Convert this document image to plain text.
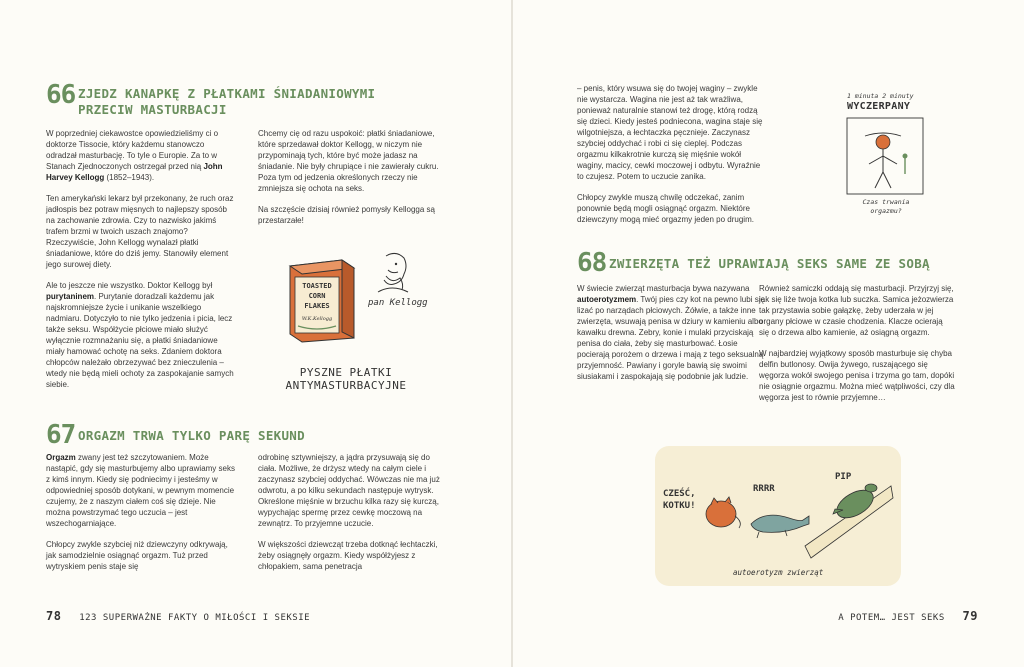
66 ZJEDZ KANAPKĘ Z PŁATKAMI ŚNIADANIOWYMI PRZECIW MASTURBACJI

W poprzedniej ciekawostce opowiedzieliśmy ci o doktorze Tissocie, który każdemu stanowczo odradzał masturbację. To tyle o Europie. Za to w Stanach Zjednoczonych ostrzegał przed nią John Harvey Kellogg (1852–1943).

Ten amerykański lekarz był przekonany, że ruch oraz jadłospis bez potraw mięsnych to najlepszy sposób na zachowanie zdrowia. Czy to nazwisko jakimś trafem brzmi w twoich uszach znajomo? Rzeczywiście, John Kellogg wynalazł płatki śniadaniowe, które do dziś jemy. Stanowiły element jego surowej diety.

Ale to jeszcze nie wszystko. Doktor Kellogg był purytaninem. Purytanie doradzali każdemu jak najskromniejsze życie i unikanie wszelkiego nadmiaru. Dotyczyło to nie tylko jedzenia i picia, lecz także seksu. Współżycie płciowe miało służyć wyłącznie rozmnażaniu się, a płatki śniadaniowe miały hamować ochotę na seks. Zdaniem doktora chłopców należało obrzezywać bez znieczulenia – wtedy nie będą mieli ochoty za zaspokajanie samych siebie.

Chcemy cię od razu uspokoić: płatki śniadaniowe, które sprzedawał doktor Kellogg, w niczym nie przypominają tych, które być może jadasz na śniadanie. Nie były chrupiące i nie zawierały cukru. Poza tym od jedzenia określonych rzeczy nie zmniejsza się ochota na seks.

Na szczęście dzisiaj również pomysły Kellogga są przestarzałe!

TOASTED
CORN
FLAKES
W.K.Kellogg
pan Kellogg
PYSZNE PŁATKI
ANTYMASTURBACYJNE
67 ORGAZM TRWA TYLKO PARĘ SEKUND

Orgazm zwany jest też szczytowaniem. Może nastąpić, gdy się masturbujemy albo uprawiamy seks z kimś innym. Kiedy się podniecimy i jesteśmy w odpowiedniej sposób dotykani, w pewnym momencie czujemy, że z naszym ciałem coś się dzieje. Nie można powstrzymać tego uczucia – jest wszechogarniające.

Chłopcy zwykle szybciej niż dziewczyny odkrywają, jak samodzielnie osiągnąć orgazm. Tuż przed wytryskiem penis staje się

odrobinę sztywniejszy, a jądra przysuwają się do ciała. Możliwe, że drżysz wtedy na całym ciele i zaczynasz szybciej oddychać. Wówczas nie ma już odwrotu, a po kilku sekundach następuje wytrysk. Określone mięśnie w brzuchu kilka razy się kurczą, wypychając spermę przez cewkę moczową na zewnątrz. To przyjemne uczucie.

W większości dziewcząt trzeba dotknąć łechtaczki, żeby osiągnęły orgazm. Kiedy współżyjesz z chłopakiem, sama penetracja

78 123 SUPERWAŻNE FAKTY O MIŁOŚCI I SEKSIE

– penis, który wsuwa się do twojej waginy – zwykle nie wystarcza. Wagina nie jest aż tak wrażliwa, ponieważ naturalnie stanowi też drogę, którą rodzą się dzieci. Kiedy jesteś podniecona, wagina staje się wilgotniejsza, a łechtaczka pęcznieje. Zaczynasz szybciej oddychać i robi ci się cieplej. Podczas orgazmu kilkakrotnie kurczą się mięśnie wokół waginy, macicy, cewki moczowej i odbytu. Wyraźnie to czujesz. Potem to uczucie zanika.

Chłopcy zwykle muszą chwilę odczekać, zanim ponownie będą mogli osiągnąć orgazm. Niektóre dziewczyny mogą mieć orgazmy jeden po drugim.

1 minuta 2 minuty
WYCZERPANY
Czas trwania orgazmu?
68 ZWIERZĘTA TEŻ UPRAWIAJĄ SEKS SAME ZE SOBĄ

W świecie zwierząt masturbacja bywa nazywana autoerotyzmem. Twój pies czy kot na pewno lubi się lizać po narządach płciowych. Żółwie, a także inne zwierzęta, wsuwają penisa w dziury w kamieniu albo kawałku drewna. Zebry, konie i mulaki przyciskają penisa do ciała, żeby się masturbować. Łosie pocierają porożem o drzewa i mają z tego seksualną przyjemność. Pawiany i goryle bawią się swoimi siusiakami i zaspokajają się podobnie jak ludzie.

Również samiczki oddają się masturbacji. Przyjrzyj się, jak się liże twoja kotka lub suczka. Samica jeżozwierza tak przystawia sobie gałązkę, żeby uderzała w jej organy płciowe w czasie chodzenia. Klacze ocierają się o drzewa albo kamienie, aż osiągną orgazm.

W najbardziej wyjątkowy sposób masturbuje się chyba delfin butlonosy. Owija żywego, ruszającego się węgorza wokół swojego penisa i trzyma go tam, dopóki nie osiągnie orgazmu. Można mieć wątpliwości, czy dla węgorza jest to równie przyjemne…

CZEŚĆ, KOTKU!
RRRR
PIP
autoerotyzm zwierząt
A POTEM… JEST SEKS 79
